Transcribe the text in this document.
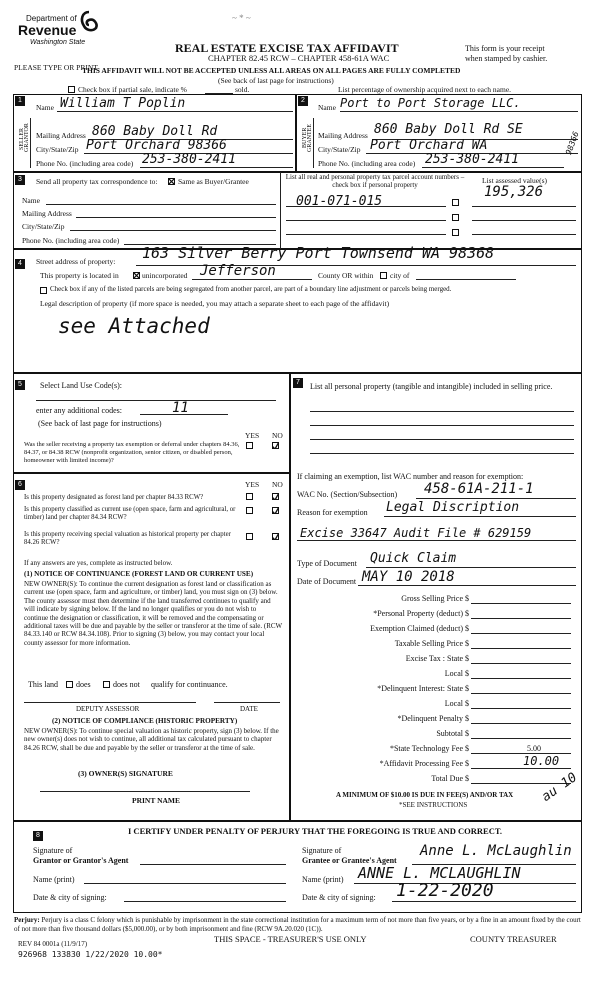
Department of
Revenue
Washington State
~ * ~
PLEASE TYPE OR PRINT
REAL ESTATE EXCISE TAX AFFIDAVIT
CHAPTER 82.45 RCW – CHAPTER 458-61A WAC
THIS AFFIDAVIT WILL NOT BE ACCEPTED UNLESS ALL AREAS ON ALL PAGES ARE FULLY COMPLETED
(See back of last page for instructions)
This form is your receipt
when stamped by cashier.
Check box if partial sale, indicate %	sold.	List percentage of ownership acquired next to each name.
1	2
SELLER GRANTOR
Name William T Poplin
Mailing Address 860 Baby Doll Rd
City/State/Zip Port Orchard 98366
Phone No. (including area code) 253-380-2411
BUYER GRANTEE
Name Port to Port Storage LLC.
Mailing Address 860 Baby Doll Rd SE
City/State/Zip Port Orchard WA
Phone No. (including area code) 253-380-2411
98366
3	Send all property tax correspondence to:	Same as Buyer/Grantee
Name
Mailing Address
City/State/Zip
Phone No. (including area code)
List all real and personal property tax parcel account numbers – check box if personal property
001-071-015
List assessed value(s)
195,326
4	Street address of property: 163 Silver Berry Port Townsend WA 98368
This property is located in	unincorporated Jefferson	County OR within city of
Check box if any of the listed parcels are being segregated from another parcel, are part of a boundary line adjustment or parcels being merged.
Legal description of property (if more space is needed, you may attach a separate sheet to each page of the affidavit)
see Attached
5	Select Land Use Code(s):
enter any additional codes:	11
(See back of last page for instructions)
YES NO
Was the seller receiving a property tax exemption or deferral under chapters 84.36, 84.37, or 84.38 RCW (nonprofit organization, senior citizen, or disabled person, homeowner with limited income)?
6	YES NO
Is this property designated as forest land per chapter 84.33 RCW?
Is this property classified as current use (open space, farm and agricultural, or timber) land per chapter 84.34 RCW?
Is this property receiving special valuation as historical property per chapter 84.26 RCW?
If any answers are yes, complete as instructed below.
(1) NOTICE OF CONTINUANCE (FOREST LAND OR CURRENT USE)
NEW OWNER(S): To continue the current designation as forest land or classification as current use (open space, farm and agriculture, or timber) land, you must sign on (3) below. The county assessor must then determine if the land transferred continues to qualify and will indicate by signing below. If the land no longer qualifies or you do not wish to continue the designation or classification, it will be removed and the compensating or additional taxes will be due and payable by the seller or transferor at the time of sale. (RCW 84.33.140 or RCW 84.34.108). Prior to signing (3) below, you may contact your local county assessor for more information.
This land does	does not qualify for continuance.
DEPUTY ASSESSOR	DATE
(2) NOTICE OF COMPLIANCE (HISTORIC PROPERTY)
NEW OWNER(S): To continue special valuation as historic property, sign (3) below. If the new owner(s) does not wish to continue, all additional tax calculated pursuant to chapter 84.26 RCW, shall be due and payable by the seller or transferor at the time of sale.
(3) OWNER(S) SIGNATURE
PRINT NAME
7	List all personal property (tangible and intangible) included in selling price.
If claiming an exemption, list WAC number and reason for exemption:
WAC No. (Section/Subsection) 458-61A-211-1
Reason for exemption Legal Discription
Excise 33647 Audit File # 629159
Type of Document Quick Claim
Date of Document MAY 10 2018
Gross Selling Price $
*Personal Property (deduct) $
Exemption Claimed (deduct) $
Taxable Selling Price $
Excise Tax : State $
Local $
*Delinquent Interest: State $
Local $
*Delinquent Penalty $
Subtotal $
*State Technology Fee $	5.00
*Affidavit Processing Fee $	10.00
Total Due $
A MINIMUM OF $10.00 IS DUE IN FEE(S) AND/OR TAX
*SEE INSTRUCTIONS
au 10
8	I CERTIFY UNDER PENALTY OF PERJURY THAT THE FOREGOING IS TRUE AND CORRECT.
Signature of
Grantor or Grantor's Agent
Name (print)
Date & city of signing:
Signature of
Grantee or Grantee's Agent
Anne L. McLaughlin
Name (print) ANNE L. MCLAUGHLIN
Date & city of signing: 1-22-2020
Perjury: Perjury is a class C felony which is punishable by imprisonment in the state correctional institution for a maximum term of not more than five years, or by a fine in an amount fixed by the court of not more than five thousand dollars ($5,000.00), or by both imprisonment and fine (RCW 9A.20.020 (1C)).
REV 84 0001a (11/9/17)
926968 133830 1/22/2020 10.00*
THIS SPACE - TREASURER'S USE ONLY	COUNTY TREASURER
